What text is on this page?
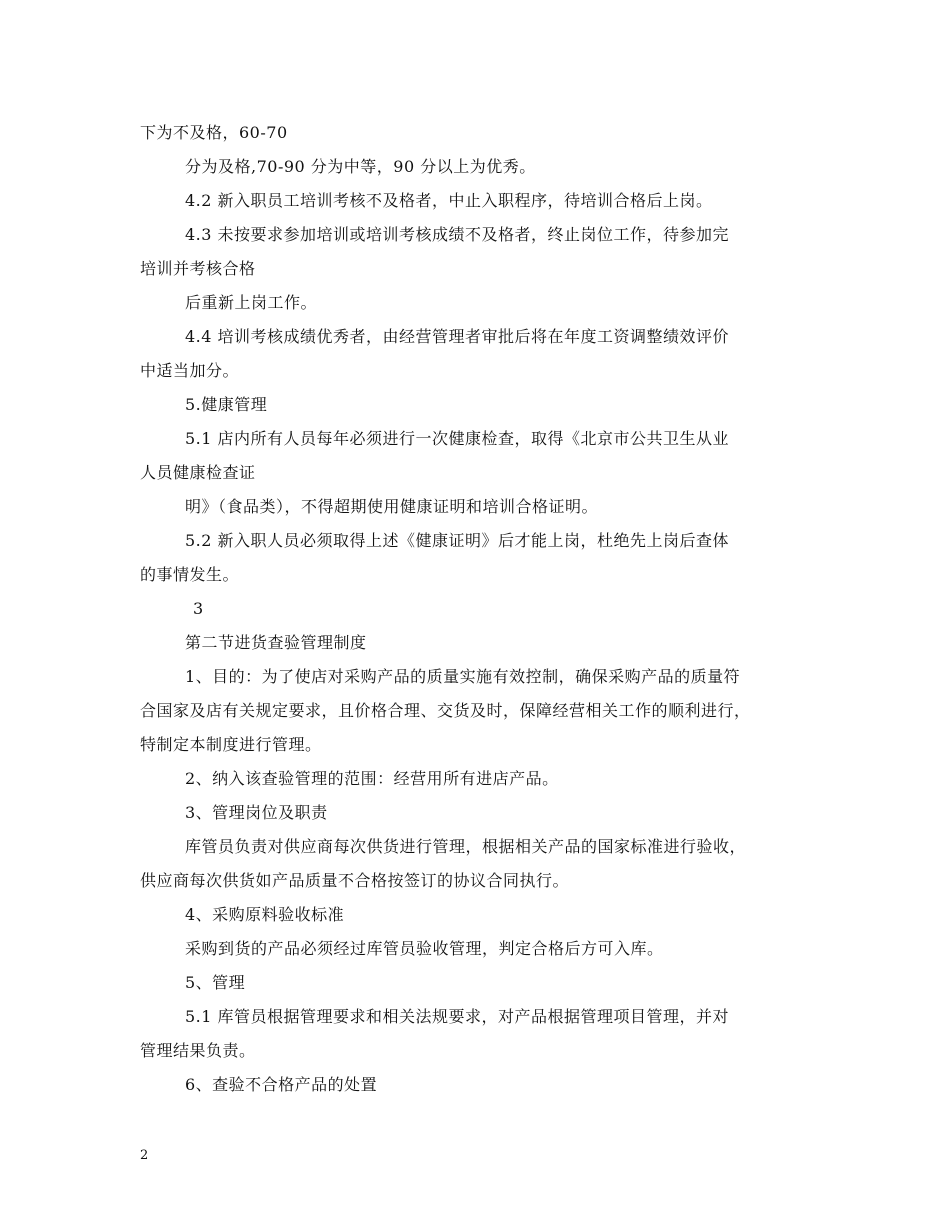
下为不及格，60-70
分为及格,70-90 分为中等，90 分以上为优秀。
4.2 新入职员工培训考核不及格者，中止入职程序，待培训合格后上岗。
4.3 未按要求参加培训或培训考核成绩不及格者，终止岗位工作，待参加完
培训并考核合格
后重新上岗工作。
4.4 培训考核成绩优秀者，由经营管理者审批后将在年度工资调整绩效评价
中适当加分。
5.健康管理
5.1 店内所有人员每年必须进行一次健康检查，取得《北京市公共卫生从业
人员健康检查证
明》（食品类），不得超期使用健康证明和培训合格证明。
5.2 新入职人员必须取得上述《健康证明》后才能上岗，杜绝先上岗后查体
的事情发生。
3
第二节进货查验管理制度
1、目的：为了使店对采购产品的质量实施有效控制，确保采购产品的质量符
合国家及店有关规定要求，且价格合理、交货及时，保障经营相关工作的顺利进行，
特制定本制度进行管理。
2、纳入该查验管理的范围：经营用所有进店产品。
3、管理岗位及职责
库管员负责对供应商每次供货进行管理，根据相关产品的国家标准进行验收，
供应商每次供货如产品质量不合格按签订的协议合同执行。
4、采购原料验收标准
采购到货的产品必须经过库管员验收管理，判定合格后方可入库。
5、管理
5.1 库管员根据管理要求和相关法规要求，对产品根据管理项目管理，并对
管理结果负责。
6、查验不合格产品的处置
2
